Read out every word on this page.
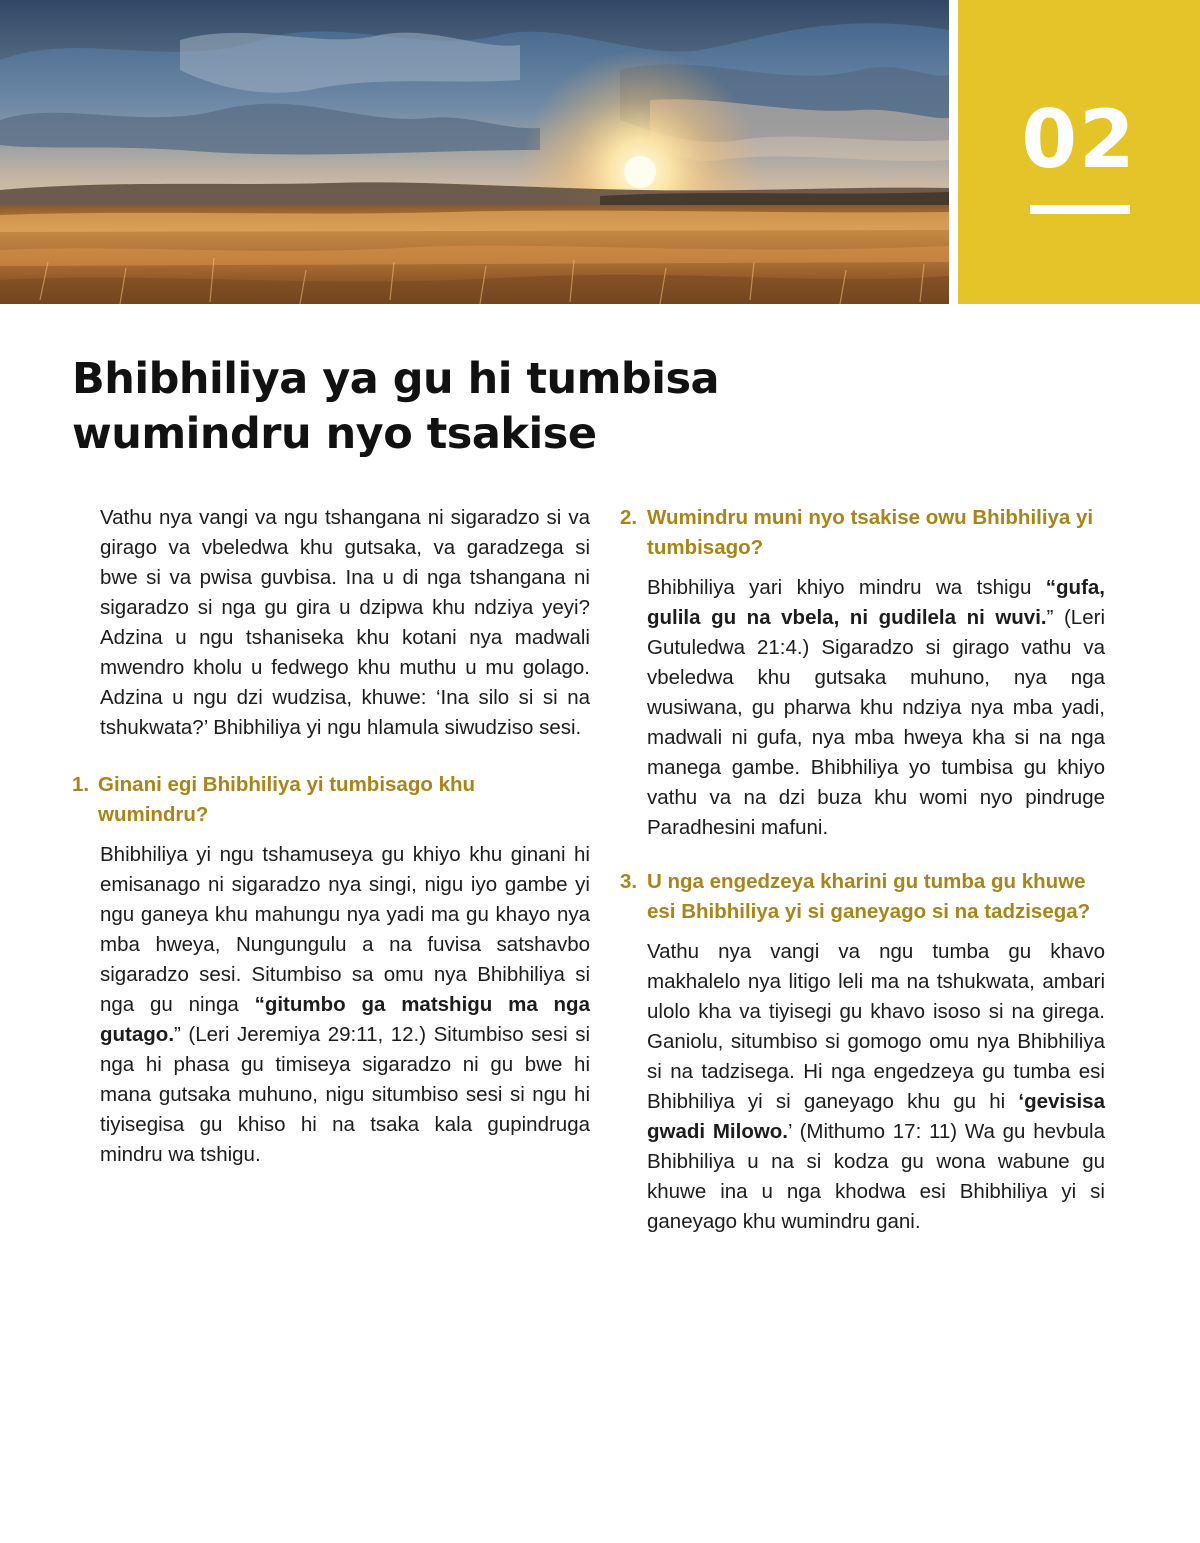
02
Bhibhiliya ya gu hi tumbisa wumindru nyo tsakise

Vathu nya vangi va ngu tshangana ni sigaradzo si va girago va vbeledwa khu gutsaka, va garadzega si bwe si va pwisa guvbisa. Ina u di nga tshangana ni sigaradzo si nga gu gira u dzipwa khu ndziya yeyi? Adzina u ngu tshaniseka khu kotani nya madwali mwendro kholu u fedwego khu muthu u mu golago. Adzina u ngu dzi wudzisa, khuwe: ‘Ina silo si si na tshukwata?’ Bhibhiliya yi ngu hlamula siwudziso sesi.

1. Ginani egi Bhibhiliya yi tumbisago khu wumindru?

Bhibhiliya yi ngu tshamuseya gu khiyo khu ginani hi emisanago ni sigaradzo nya singi, nigu iyo gambe yi ngu ganeya khu mahungu nya yadi ma gu khayo nya mba hweya, Nungungulu a na fuvisa satshavbo sigaradzo sesi. Situmbiso sa omu nya Bhibhiliya si nga gu ninga “gitumbo ga matshigu ma nga gutago.” (Leri Jeremiya 29:11, 12.) Situmbiso sesi si nga hi phasa gu timiseya sigaradzo ni gu bwe hi mana gutsaka muhuno, nigu situmbiso sesi si ngu hi tiyisegisa gu khiso hi na tsaka kala gupindruga mindru wa tshigu.

2. Wumindru muni nyo tsakise owu Bhibhiliya yi tumbisago?

Bhibhiliya yari khiyo mindru wa tshigu “gufa, gulila gu na vbela, ni gudilela ni wuvi.” (Leri Gutuledwa 21:4.) Sigaradzo si girago vathu va vbeledwa khu gutsaka muhuno, nya nga wusiwana, gu pharwa khu ndziya nya mba yadi, madwali ni gufa, nya mba hweya kha si na nga manega gambe. Bhibhiliya yo tumbisa gu khiyo vathu va na dzi buza khu womi nyo pindruge Paradhesini mafuni.

3. U nga engedzeya kharini gu tumba gu khuwe esi Bhibhiliya yi si ganeyago si na tadzisega?

Vathu nya vangi va ngu tumba gu khavo makhalelo nya litigo leli ma na tshukwata, ambari ulolo kha va tiyisegi gu khavo isoso si na girega. Ganiolu, situmbiso si gomogo omu nya Bhibhiliya si na tadzisega. Hi nga engedzeya gu tumba esi Bhibhiliya yi si ganeyago khu gu hi ‘gevisisa gwadi Milowo.’ (Mithumo 17: 11) Wa gu hevbula Bhibhiliya u na si kodza gu wona wabune gu khuwe ina u nga khodwa esi Bhibhiliya yi si ganeyago khu wumindru gani.
